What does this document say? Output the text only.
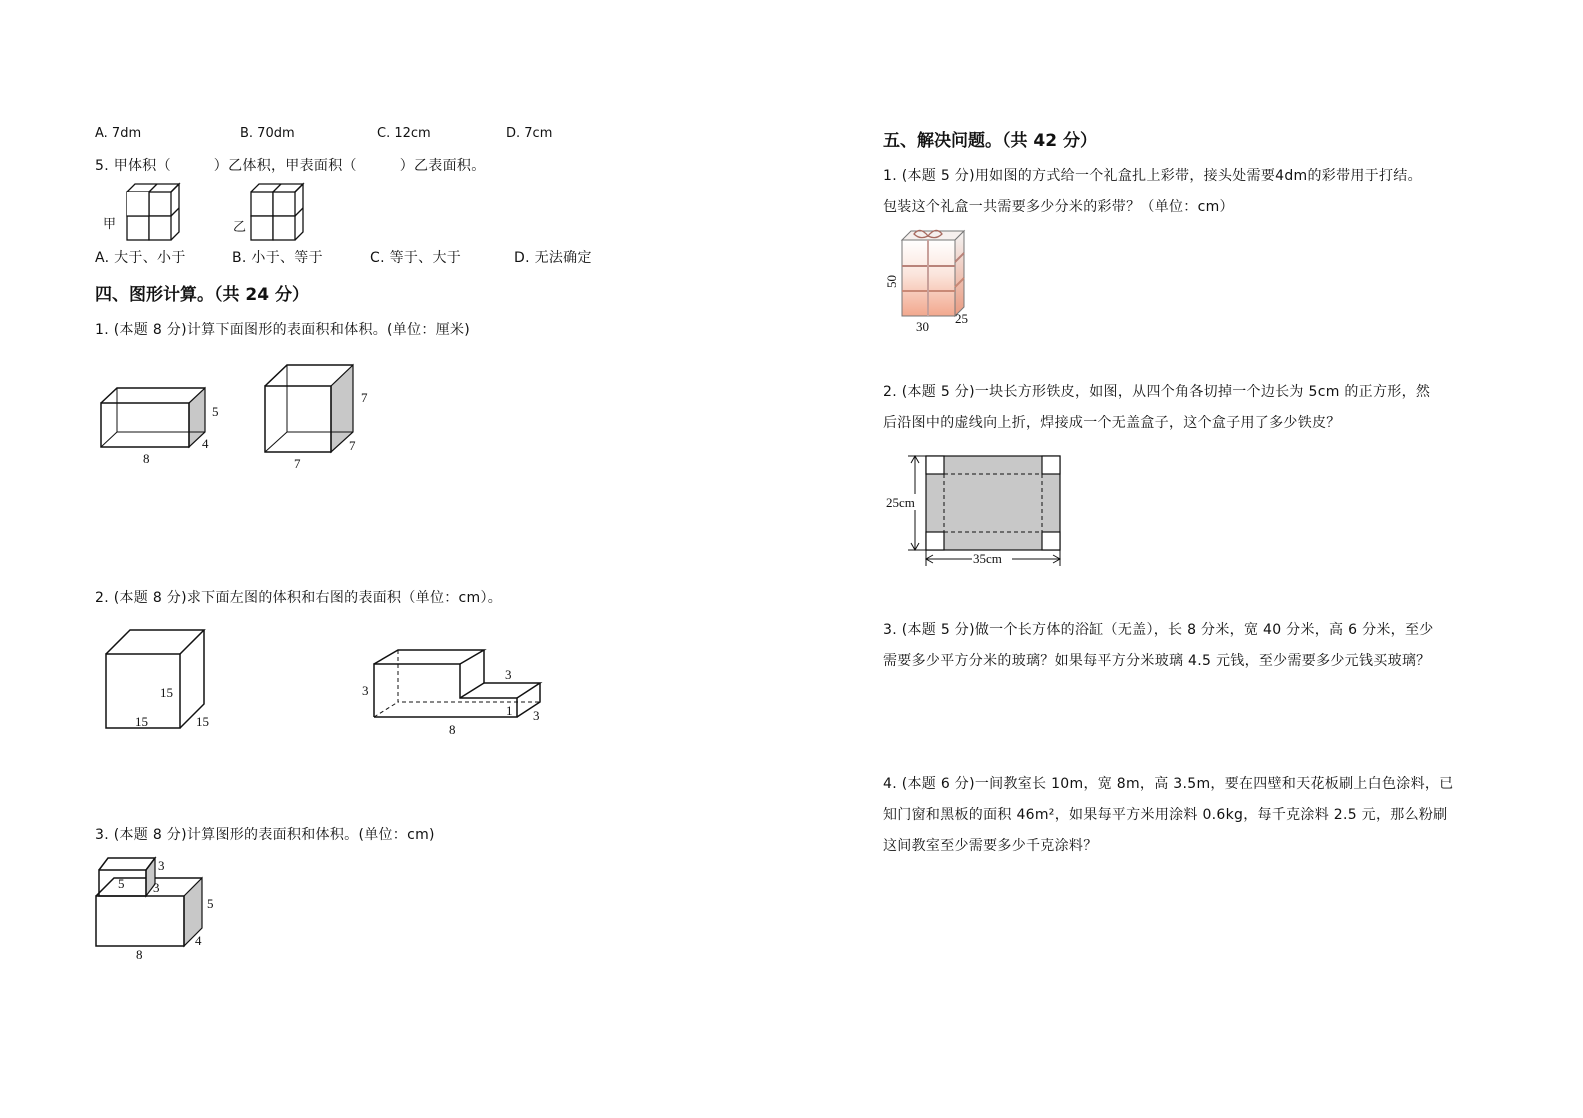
A. 7dm	B. 70dm	C. 12cm	D. 7cm
5. 甲体积（　　　）乙体积，甲表面积（　　　）乙表面积。
甲	乙
A. 大于、小于	B. 小于、等于	C. 等于、大于	D. 无法确定
四、图形计算。（共 24 分）
1. (本题 8 分)计算下面图形的表面积和体积。(单位：厘米)
5
4
8
7
7
7
2. (本题 8 分)求下面左图的体积和右图的表面积（单位：cm）。
15
15	15
3
3
1 3
8
3. (本题 8 分)计算图形的表面积和体积。(单位：cm)
5
3
3
5
4
8
五、解决问题。（共 42 分）
1. (本题 5 分)用如图的方式给一个礼盒扎上彩带，接头处需要4dm的彩带用于打结。
包装这个礼盒一共需要多少分米的彩带？（单位：cm）
50
30
25
2. (本题 5 分)一块长方形铁皮，如图，从四个角各切掉一个边长为 5cm 的正方形，然
后沿图中的虚线向上折，焊接成一个无盖盒子，这个盒子用了多少铁皮？
25cm
35cm
3. (本题 5 分)做一个长方体的浴缸（无盖），长 8 分米，宽 40 分米，高 6 分米，至少
需要多少平方分米的玻璃？如果每平方分米玻璃 4.5 元钱，至少需要多少元钱买玻璃？
4. (本题 6 分)一间教室长 10m，宽 8m，高 3.5m，要在四壁和天花板刷上白色涂料，已
知门窗和黑板的面积 46m²，如果每平方米用涂料 0.6kg，每千克涂料 2.5 元，那么粉刷
这间教室至少需要多少千克涂料？
